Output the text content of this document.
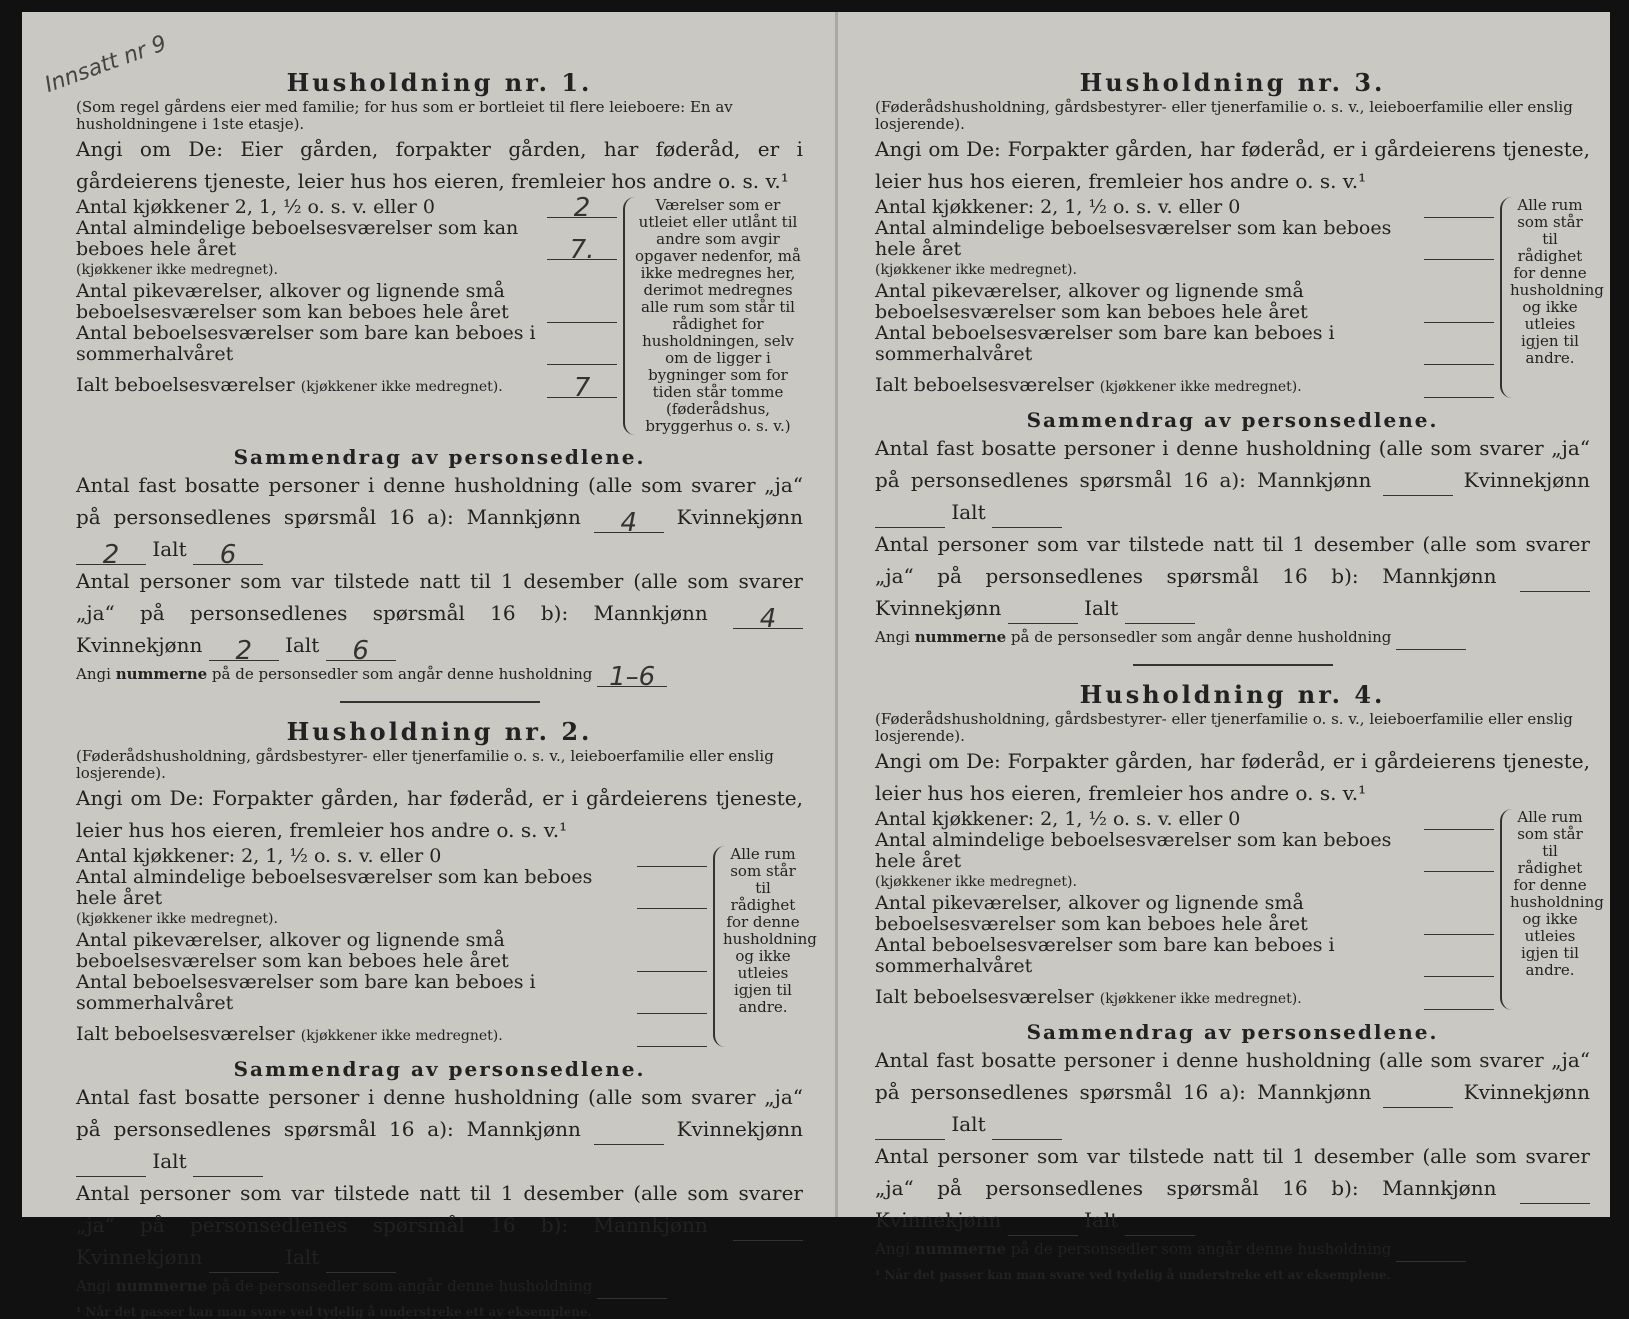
Innsatt nr 9	Husholdning nr. 1.
(Som regel gårdens eier med familie; for hus som er bortleiet til flere leieboere: En av husholdningene i 1ste etasje).
Angi om De: Eier gården, forpakter gården, har føderåd, er i gårdeierens tjeneste, leier hus hos eieren, fremleier hos andre o. s. v.¹
Antal kjøkkener 2, 1, ½ o. s. v. eller 0	2
Antal almindelige beboelsesværelser som kan beboes hele året	7.
(kjøkkener ikke medregnet).
Antal pikeværelser, alkover og lignende små beboelsesværelser som kan beboes hele året
Antal beboelsesværelser som bare kan beboes i sommerhalvåret
Ialt beboelsesværelser (kjøkkener ikke medregnet).	7
Værelser som er utleiet eller utlånt til andre som avgir opgaver nedenfor, må ikke medregnes her, derimot medregnes alle rum som står til rådighet for husholdningen, selv om de ligger i bygninger som for tiden står tomme (føderådshus, bryggerhus o. s. v.)
Sammendrag av personsedlene.
Antal fast bosatte personer i denne husholdning (alle som svarer „ja“ på personsedlenes spørsmål 16 a): Mannkjønn 4 Kvinnekjønn 2 Ialt 6
Antal personer som var tilstede natt til 1 desember (alle som svarer „ja“ på personsedlenes spørsmål 16 b): Mannkjønn 4 Kvinnekjønn 2 Ialt 6
Angi nummerne på de personsedler som angår denne husholdning 1–6
Husholdning nr. 2.
(Føderådshusholdning, gårdsbestyrer- eller tjenerfamilie o. s. v., leieboerfamilie eller enslig losjerende).
Angi om De: Forpakter gården, har føderåd, er i gårdeierens tjeneste, leier hus hos eieren, fremleier hos andre o. s. v.¹
Antal kjøkkener: 2, 1, ½ o. s. v. eller 0
Antal almindelige beboelsesværelser som kan beboes hele året
(kjøkkener ikke medregnet).
Antal pikeværelser, alkover og lignende små beboelsesværelser som kan beboes hele året
Antal beboelsesværelser som bare kan beboes i sommerhalvåret
Ialt beboelsesværelser (kjøkkener ikke medregnet).
Alle rum som står til rådighet for denne husholdning og ikke utleies igjen til andre.
Sammendrag av personsedlene.
Antal fast bosatte personer i denne husholdning (alle som svarer „ja“ på personsedlenes spørsmål 16 a): Mannkjønn	Kvinnekjønn  Ialt
Antal personer som var tilstede natt til 1 desember (alle som svarer „ja“ på personsedlenes spørsmål 16 b): Mannkjønn  Kvinnekjønn	Ialt
Angi nummerne på de personsedler som angår denne husholdning
¹ Når det passer kan man svare ved tydelig å understreke ett av eksemplene.
Husholdning nr. 3.
(Føderådshusholdning, gårdsbestyrer- eller tjenerfamilie o. s. v., leieboerfamilie eller enslig losjerende).
Angi om De: Forpakter gården, har føderåd, er i gårdeierens tjeneste, leier hus hos eieren, fremleier hos andre o. s. v.¹
Antal kjøkkener: 2, 1, ½ o. s. v. eller 0
Antal almindelige beboelsesværelser som kan beboes hele året
(kjøkkener ikke medregnet).
Antal pikeværelser, alkover og lignende små beboelsesværelser som kan beboes hele året
Antal beboelsesværelser som bare kan beboes i sommerhalvåret
Ialt beboelsesværelser (kjøkkener ikke medregnet).
Alle rum som står til rådighet for denne husholdning og ikke utleies igjen til andre.
Sammendrag av personsedlene.
Antal fast bosatte personer i denne husholdning (alle som svarer „ja“ på personsedlenes spørsmål 16 a): Mannkjønn	Kvinnekjønn  Ialt
Antal personer som var tilstede natt til 1 desember (alle som svarer „ja“ på personsedlenes spørsmål 16 b): Mannkjønn  Kvinnekjønn	Ialt
Angi nummerne på de personsedler som angår denne husholdning
Husholdning nr. 4.
(Føderådshusholdning, gårdsbestyrer- eller tjenerfamilie o. s. v., leieboerfamilie eller enslig losjerende).
Angi om De: Forpakter gården, har føderåd, er i gårdeierens tjeneste, leier hus hos eieren, fremleier hos andre o. s. v.¹
Antal kjøkkener: 2, 1, ½ o. s. v. eller 0
Antal almindelige beboelsesværelser som kan beboes hele året
(kjøkkener ikke medregnet).
Antal pikeværelser, alkover og lignende små beboelsesværelser som kan beboes hele året
Antal beboelsesværelser som bare kan beboes i sommerhalvåret
Ialt beboelsesværelser (kjøkkener ikke medregnet).
Alle rum som står til rådighet for denne husholdning og ikke utleies igjen til andre.
Sammendrag av personsedlene.
Antal fast bosatte personer i denne husholdning (alle som svarer „ja“ på personsedlenes spørsmål 16 a): Mannkjønn	Kvinnekjønn  Ialt
Antal personer som var tilstede natt til 1 desember (alle som svarer „ja“ på personsedlenes spørsmål 16 b): Mannkjønn  Kvinnekjønn	Ialt
Angi nummerne på de personsedler som angår denne husholdning
¹ Når det passer kan man svare ved tydelig å understreke ett av eksemplene.
